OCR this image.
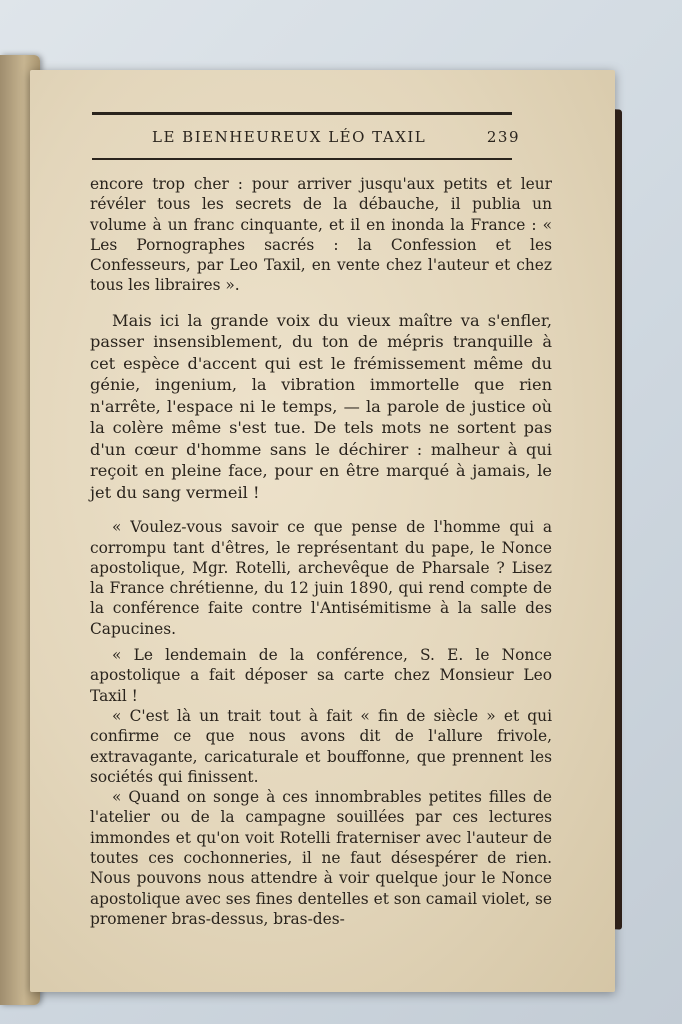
LE BIENHEUREUX LÉO TAXIL	239

encore trop cher : pour arriver jusqu'aux petits et leur révéler tous les secrets de la débauche, il publia un volume à un franc cinquante, et il en inonda la France : « Les Pornographes sacrés : la Confession et les Confesseurs, par Leo Taxil, en vente chez l'auteur et chez tous les libraires ».

Mais ici la grande voix du vieux maître va s'enfler, passer insensiblement, du ton de mépris tranquille à cet espèce d'accent qui est le frémissement même du génie, ingenium, la vibration immortelle que rien n'arrête, l'espace ni le temps, — la parole de justice où la colère même s'est tue. De tels mots ne sortent pas d'un cœur d'homme sans le déchirer : malheur à qui reçoit en pleine face, pour en être marqué à jamais, le jet du sang vermeil !

« Voulez-vous savoir ce que pense de l'homme qui a corrompu tant d'êtres, le représentant du pape, le Nonce apostolique, Mgr. Rotelli, archevêque de Pharsale ? Lisez la France chrétienne, du 12 juin 1890, qui rend compte de la conférence faite contre l'Antisémitisme à la salle des Capucines.

« Le lendemain de la conférence, S. E. le Nonce apostolique a fait déposer sa carte chez Monsieur Leo Taxil !

« C'est là un trait tout à fait « fin de siècle » et qui confirme ce que nous avons dit de l'allure frivole, extravagante, caricaturale et bouffonne, que prennent les sociétés qui finissent.

« Quand on songe à ces innombrables petites filles de l'atelier ou de la campagne souillées par ces lectures immondes et qu'on voit Rotelli fraterniser avec l'auteur de toutes ces cochonneries, il ne faut désespérer de rien. Nous pouvons nous attendre à voir quelque jour le Nonce apostolique avec ses fines dentelles et son camail violet, se promener bras-dessus, bras-des-
